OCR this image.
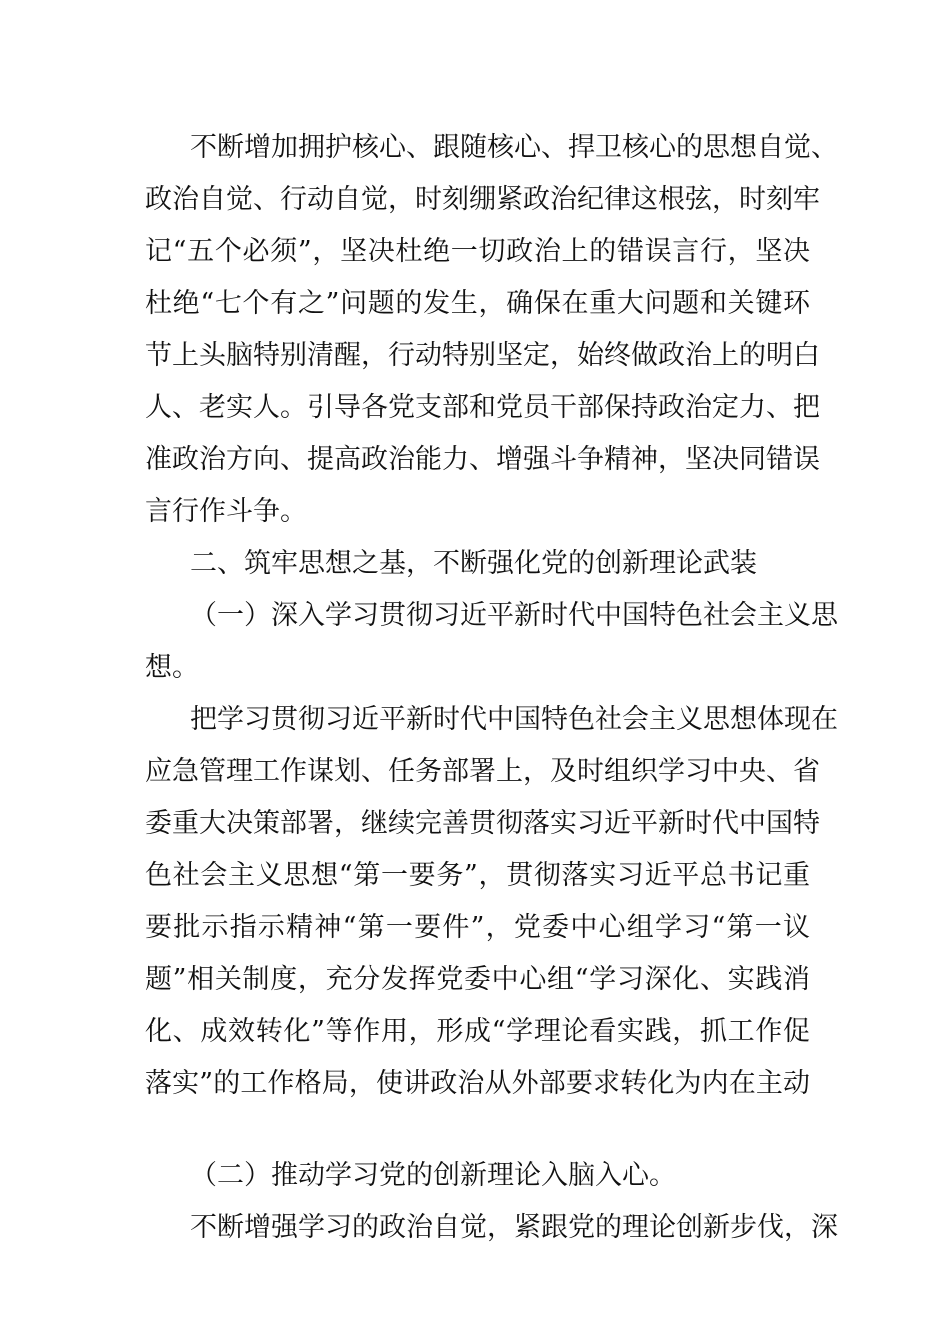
不断增加拥护核心、跟随核心、捍卫核心的思想自觉、
政治自觉、行动自觉，时刻绷紧政治纪律这根弦，时刻牢
记“五个必须”，坚决杜绝一切政治上的错误言行，坚决
杜绝“七个有之”问题的发生，确保在重大问题和关键环
节上头脑特别清醒，行动特别坚定，始终做政治上的明白
人、老实人。引导各党支部和党员干部保持政治定力、把
准政治方向、提高政治能力、增强斗争精神，坚决同错误
言行作斗争。
二、筑牢思想之基，不断强化党的创新理论武装
（一）深入学习贯彻习近平新时代中国特色社会主义思
想。
把学习贯彻习近平新时代中国特色社会主义思想体现在
应急管理工作谋划、任务部署上，及时组织学习中央、省
委重大决策部署，继续完善贯彻落实习近平新时代中国特
色社会主义思想“第一要务”，贯彻落实习近平总书记重
要批示指示精神“第一要件”，党委中心组学习“第一议
题”相关制度，充分发挥党委中心组“学习深化、实践消
化、成效转化”等作用，形成“学理论看实践，抓工作促
落实”的工作格局，使讲政治从外部要求转化为内在主动
（二）推动学习党的创新理论入脑入心。
不断增强学习的政治自觉，紧跟党的理论创新步伐，深
